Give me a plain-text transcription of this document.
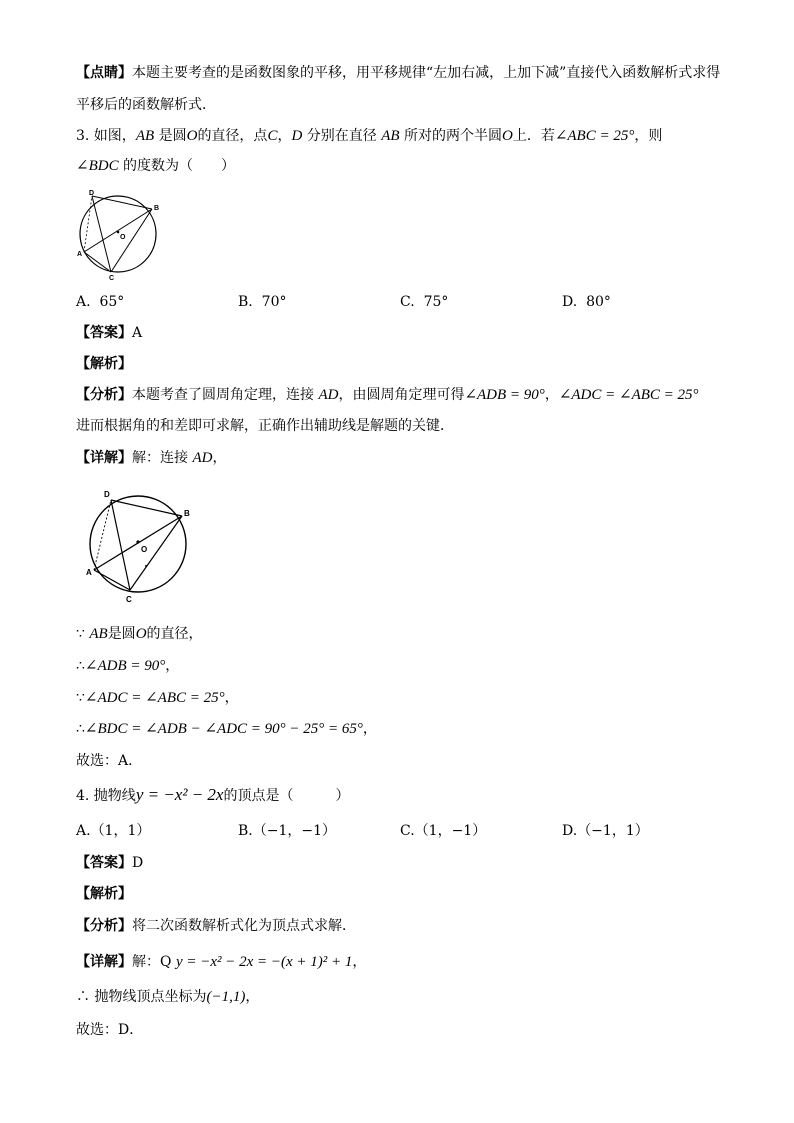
【点睛】本题主要考查的是函数图象的平移，用平移规律“左加右减，上加下减”直接代入函数解析式求得
平移后的函数解析式．
3. 如图，AB 是圆O的直径，点C，D 分别在直径 AB 所对的两个半圆O上．若∠ABC = 25°，则
∠BDC 的度数为（　　）
D
B
A
C
O
A. 65°	B. 70°	C. 75°	D. 80°
【答案】A
【解析】
【分析】本题考查了圆周角定理，连接 AD，由圆周角定理可得∠ADB = 90°，∠ADC = ∠ABC = 25°
进而根据角的和差即可求解，正确作出辅助线是解题的关键．
【详解】解：连接 AD，
D
B
A
C
O
∵ AB是圆O的直径，
∴∠ADB = 90°，
∵∠ADC = ∠ABC = 25°，
∴∠BDC = ∠ADB − ∠ADC = 90° − 25° = 65°，
故选：A．
4. 抛物线y = −x² − 2x的顶点是（　　　）
A.（1，1）	B.（−1，−1）	C.（1，−1）	D.（−1，1）
【答案】D
【解析】
【分析】将二次函数解析式化为顶点式求解．
【详解】解：Q y = −x² − 2x = −(x + 1)² + 1，
∴ 抛物线顶点坐标为(−1,1)，
故选：D．
